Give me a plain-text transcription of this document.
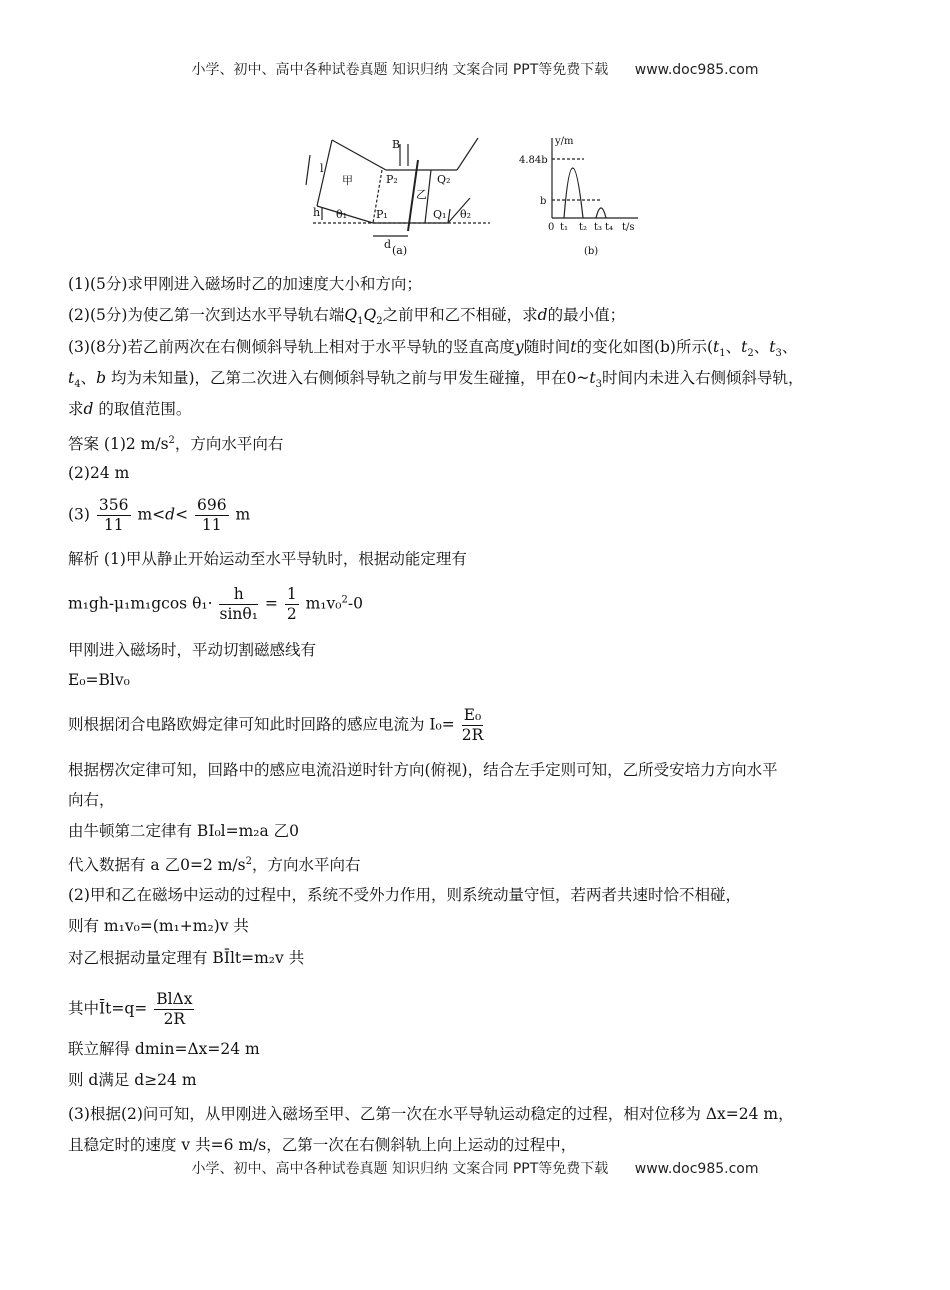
小学、初中、高中各种试卷真题 知识归纳 文案合同 PPT等免费下载 www.doc985.com
B
甲
乙
l
h
d
P₂	Q₂
P₁	Q₁
θ₁	θ₂
(a)
y/m
t/s
4.84b
b
0 t₁ t₂ t₃ t₄
(b)
(1)(5分)求甲刚进入磁场时乙的加速度大小和方向；
(2)(5分)为使乙第一次到达水平导轨右端$Q_1Q_2$之前甲和乙不相碰，求d的最小值；
(3)(8分)若乙前两次在右侧倾斜导轨上相对于水平导轨的竖直高度y随时间t的变化如图(b)所示($t_1$、$t_2$、$t_3$、
$t_4$、b 均为未知量)，乙第二次进入右侧倾斜导轨之前与甲发生碰撞，甲在$0\sim t_3$时间内未进入右侧倾斜导轨，
求d 的取值范围。
答案 (1)2 $m/s^2$，方向水平向右
(2)24 m
$(3) \frac{356}{11} m<d< \frac{696}{11}$ m
解析 (1)甲从静止开始运动至水平导轨时，根据动能定理有
m₁gh-μ₁m₁gcos $\theta_1\cdot \frac{h}{\text{sinθ₁}} = \frac{1}{2} m_1v_0^2-0$
甲刚进入磁场时，平动切割磁感线有
E₀=Blv₀
则根据闭合电路欧姆定律可知此时回路的感应电流为 $I_0= \frac{\text{E₀}}{2R}$
根据楞次定律可知，回路中的感应电流沿逆时针方向(俯视)，结合左手定则可知，乙所受安培力方向水平
向右，
由牛顿第二定律有 BI₀l=m₂a 乙0
代入数据有 a 乙0=2 $m/s^2$，方向水平向右
(2)甲和乙在磁场中运动的过程中，系统不受外力作用，则系统动量守恒，若两者共速时恰不相碰，
则有 m₁v₀=(m₁+m₂)v 共
对乙根据动量定理有 BĪlt=m₂v 共
其中Īt=q= $\frac{\text{BlΔx}}{2R}$
联立解得 dmin=Δx=24 m
则 d满足 d≥24 m
(3)根据(2)问可知，从甲刚进入磁场至甲、乙第一次在水平导轨运动稳定的过程，相对位移为 Δx=24 m，
且稳定时的速度 v 共=6 m/s，乙第一次在右侧斜轨上向上运动的过程中，
小学、初中、高中各种试卷真题 知识归纳 文案合同 PPT等免费下载 www.doc985.com
